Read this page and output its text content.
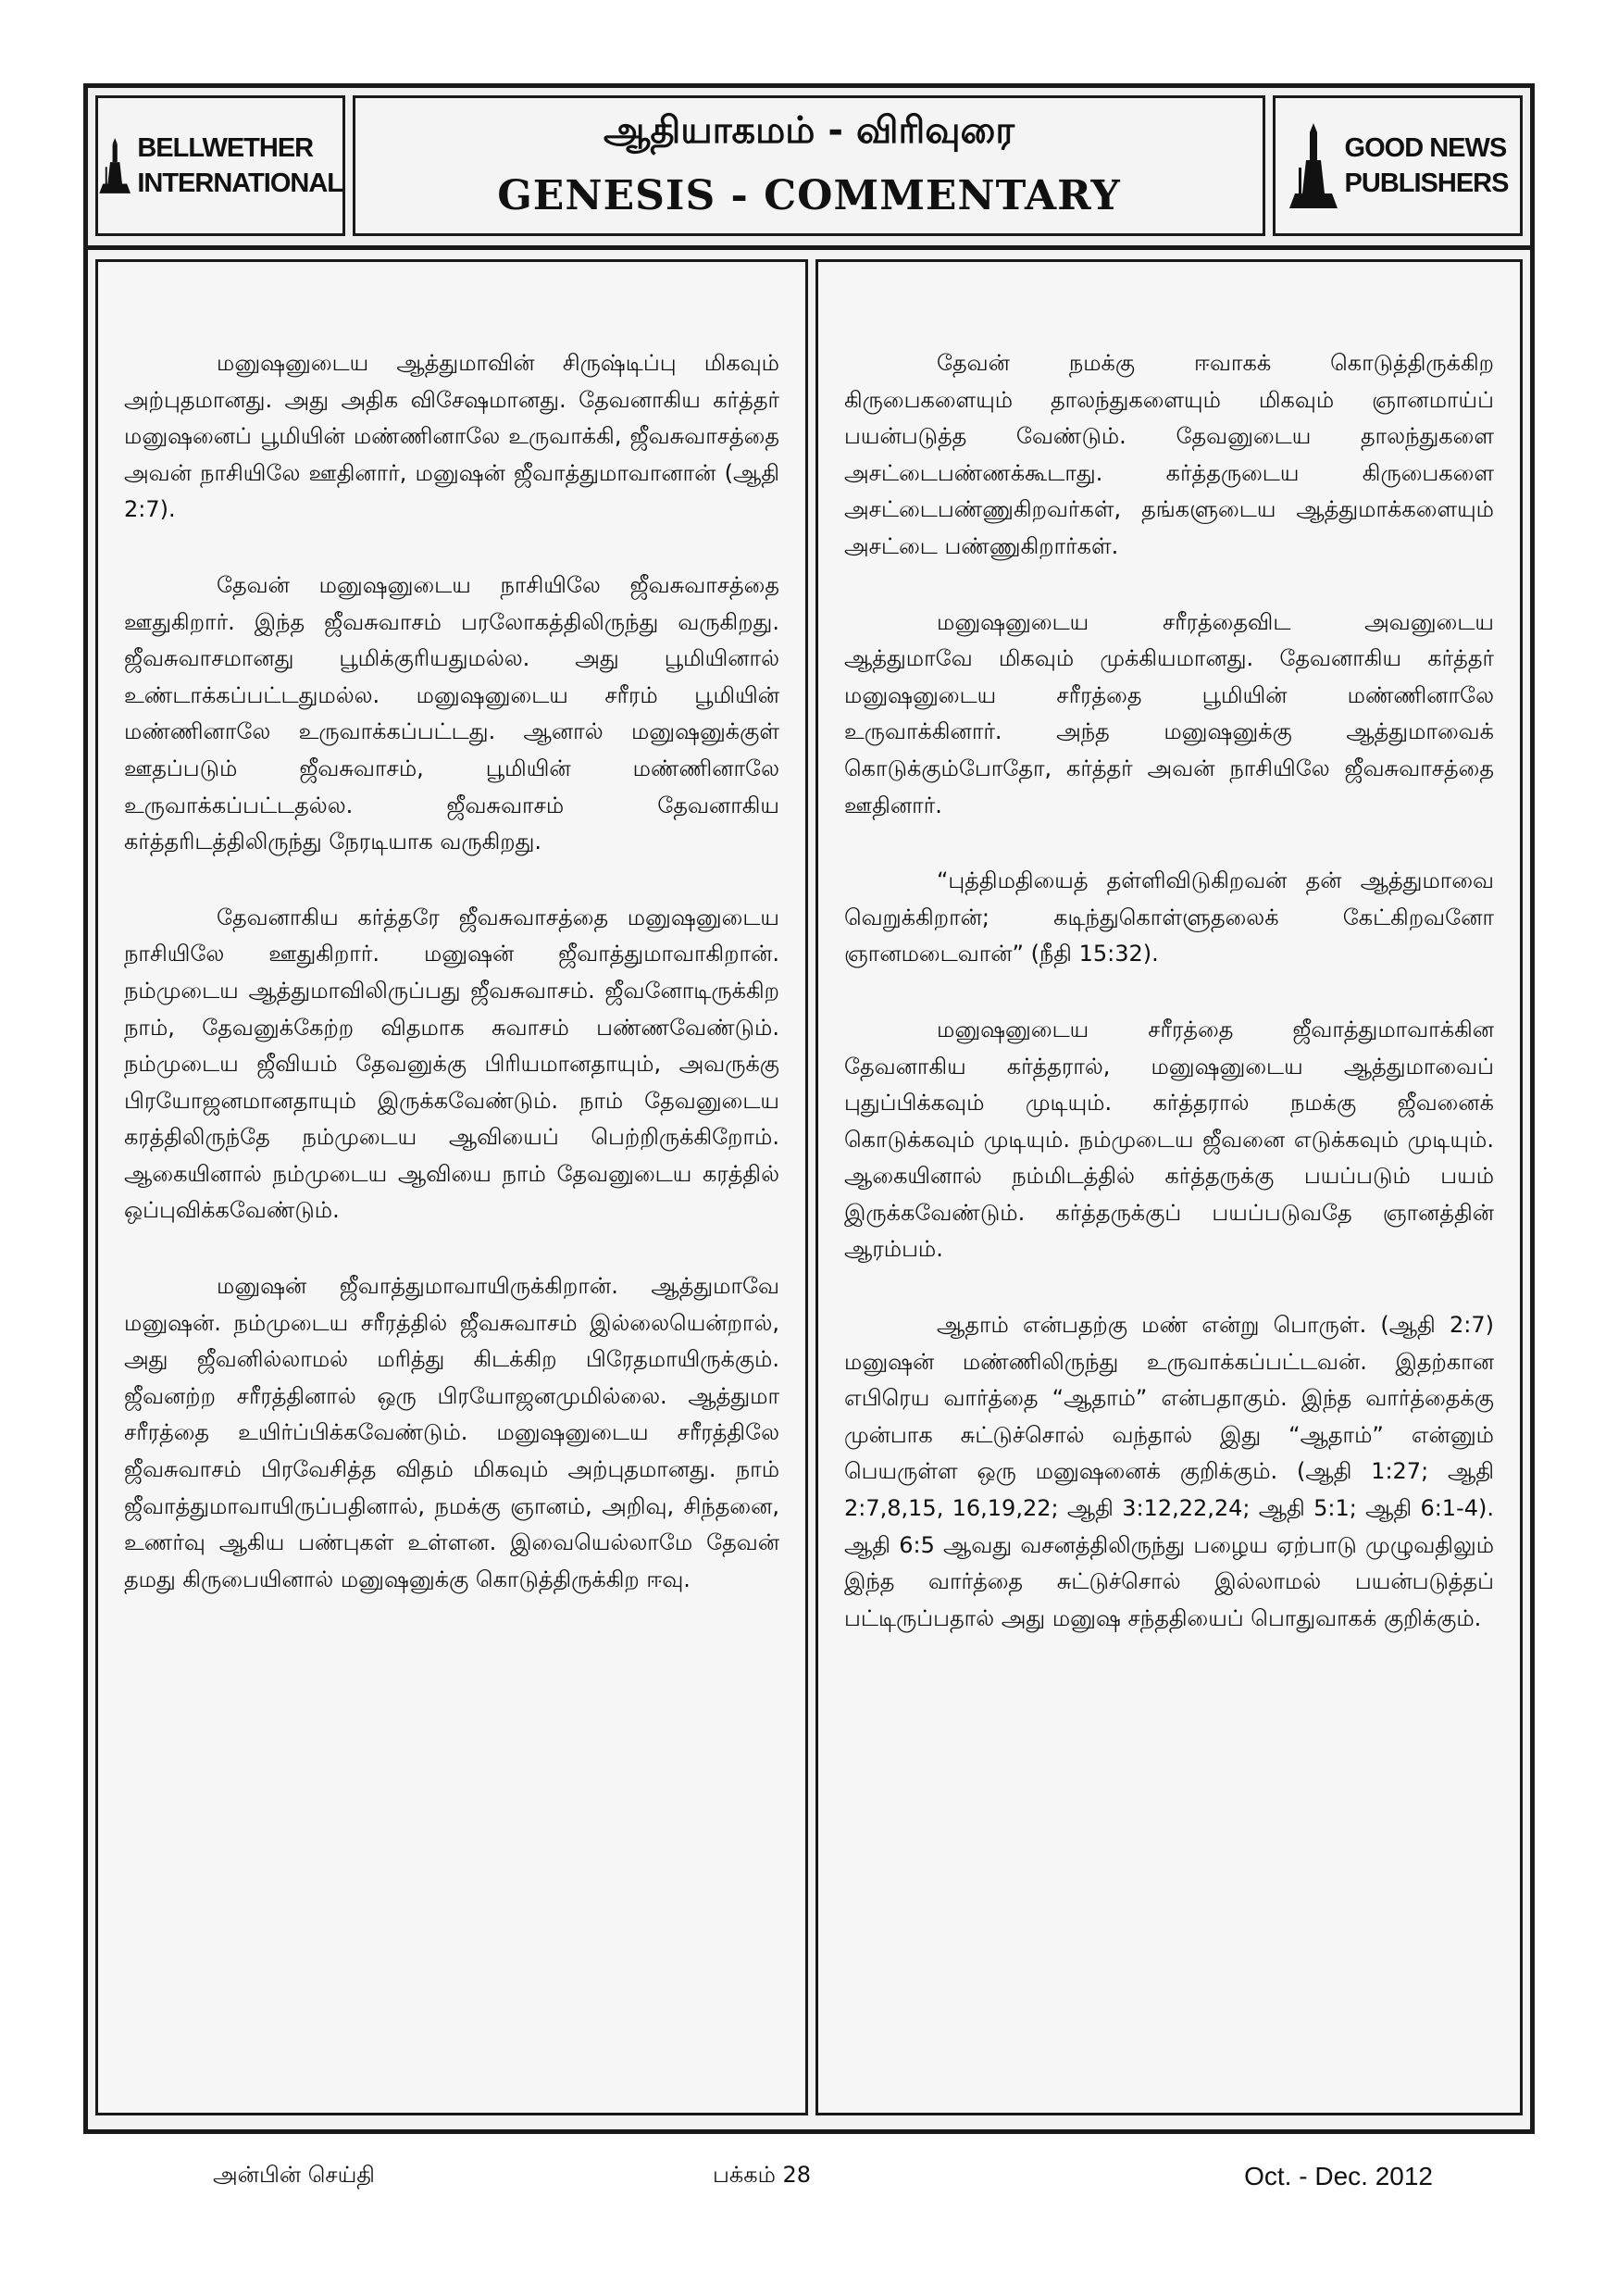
BELLWETHER
INTERNATIONAL
ஆதியாகமம் - விரிவுரை
GENESIS - COMMENTARY
GOOD NEWS
PUBLISHERS

மனுஷனுடைய ஆத்துமாவின் சிருஷ்டிப்பு மிகவும் அற்புதமானது. அது அதிக விசேஷமானது. தேவனாகிய கர்த்தர் மனுஷனைப் பூமியின் மண்ணினாலே உருவாக்கி, ஜீவசுவாசத்தை அவன் நாசியிலே ஊதினார், மனுஷன் ஜீவாத்துமாவானான் (ஆதி 2:7).

தேவன் மனுஷனுடைய நாசியிலே ஜீவசுவாசத்தை ஊதுகிறார். இந்த ஜீவசுவாசம் பரலோகத்திலிருந்து வருகிறது. ஜீவசுவாசமானது பூமிக்குரியதுமல்ல. அது பூமியினால் உண்டாக்கப்பட்டதுமல்ல. மனுஷனுடைய சரீரம் பூமியின் மண்ணினாலே உருவாக்கப்பட்டது. ஆனால் மனுஷனுக்குள் ஊதப்படும் ஜீவசுவாசம், பூமியின் மண்ணினாலே உருவாக்கப்பட்டதல்ல. ஜீவசுவாசம் தேவனாகிய கர்த்தரிடத்திலிருந்து நேரடியாக வருகிறது.

தேவனாகிய கர்த்தரே ஜீவசுவாசத்தை மனுஷனுடைய நாசியிலே ஊதுகிறார். மனுஷன் ஜீவாத்துமாவாகிறான். நம்முடைய ஆத்துமாவிலிருப்பது ஜீவசுவாசம். ஜீவனோடிருக்கிற நாம், தேவனுக்கேற்ற விதமாக சுவாசம் பண்ணவேண்டும். நம்முடைய ஜீவியம் தேவனுக்கு பிரியமானதாயும், அவருக்கு பிரயோஜனமானதாயும் இருக்கவேண்டும். நாம் தேவனுடைய கரத்திலிருந்தே நம்முடைய ஆவியைப் பெற்றிருக்கிறோம். ஆகையினால் நம்முடைய ஆவியை நாம் தேவனுடைய கரத்தில் ஒப்புவிக்கவேண்டும்.

மனுஷன் ஜீவாத்துமாவாயிருக்கிறான். ஆத்துமாவே மனுஷன். நம்முடைய சரீரத்தில் ஜீவசுவாசம் இல்லையென்றால், அது ஜீவனில்லாமல் மரித்து கிடக்கிற பிரேதமாயிருக்கும். ஜீவனற்ற சரீரத்தினால் ஒரு பிரயோஜனமுமில்லை. ஆத்துமா சரீரத்தை உயிர்ப்பிக்கவேண்டும். மனுஷனுடைய சரீரத்திலே ஜீவசுவாசம் பிரவேசித்த விதம் மிகவும் அற்புதமானது. நாம் ஜீவாத்துமாவாயிருப்பதினால், நமக்கு ஞானம், அறிவு, சிந்தனை, உணர்வு ஆகிய பண்புகள் உள்ளன. இவையெல்லாமே தேவன் தமது கிருபையினால் மனுஷனுக்கு கொடுத்திருக்கிற ஈவு.

தேவன் நமக்கு ஈவாகக் கொடுத்திருக்கிற கிருபைகளையும் தாலந்துகளையும் மிகவும் ஞானமாய்ப் பயன்படுத்த வேண்டும். தேவனுடைய தாலந்துகளை அசட்டைபண்ணக்கூடாது. கர்த்தருடைய கிருபைகளை அசட்டைபண்ணுகிறவர்கள், தங்களுடைய ஆத்துமாக்களையும் அசட்டை பண்ணுகிறார்கள்.

மனுஷனுடைய சரீரத்தைவிட அவனுடைய ஆத்துமாவே மிகவும் முக்கியமானது. தேவனாகிய கர்த்தர் மனுஷனுடைய சரீரத்தை பூமியின் மண்ணினாலே உருவாக்கினார். அந்த மனுஷனுக்கு ஆத்துமாவைக் கொடுக்கும்போதோ, கர்த்தர் அவன் நாசியிலே ஜீவசுவாசத்தை ஊதினார்.

“புத்திமதியைத் தள்ளிவிடுகிறவன் தன் ஆத்துமாவை வெறுக்கிறான்; கடிந்துகொள்ளுதலைக் கேட்கிறவனோ ஞானமடைவான்” (நீதி 15:32).

மனுஷனுடைய சரீரத்தை ஜீவாத்துமாவாக்கின தேவனாகிய கர்த்தரால், மனுஷனுடைய ஆத்துமாவைப் புதுப்பிக்கவும் முடியும். கர்த்தரால் நமக்கு ஜீவனைக் கொடுக்கவும் முடியும். நம்முடைய ஜீவனை எடுக்கவும் முடியும். ஆகையினால் நம்மிடத்தில் கர்த்தருக்கு பயப்படும் பயம் இருக்கவேண்டும். கர்த்தருக்குப் பயப்படுவதே ஞானத்தின் ஆரம்பம்.

ஆதாம் என்பதற்கு மண் என்று பொருள். (ஆதி 2:7) மனுஷன் மண்ணிலிருந்து உருவாக்கப்பட்டவன். இதற்கான எபிரெய வார்த்தை “ஆதாம்” என்பதாகும். இந்த வார்த்தைக்கு முன்பாக சுட்டுச்சொல் வந்தால் இது “ஆதாம்” என்னும் பெயருள்ள ஒரு மனுஷனைக் குறிக்கும். (ஆதி 1:27; ஆதி 2:7,8,15, 16,19,22; ஆதி 3:12,22,24; ஆதி 5:1; ஆதி 6:1-4). ஆதி 6:5 ஆவது வசனத்திலிருந்து பழைய ஏற்பாடு முழுவதிலும் இந்த வார்த்தை சுட்டுச்சொல் இல்லாமல் பயன்படுத்தப் பட்டிருப்பதால் அது மனுஷ சந்ததியைப் பொதுவாகக் குறிக்கும்.

அன்பின் செய்தி	பக்கம் 28	Oct. - Dec. 2012
